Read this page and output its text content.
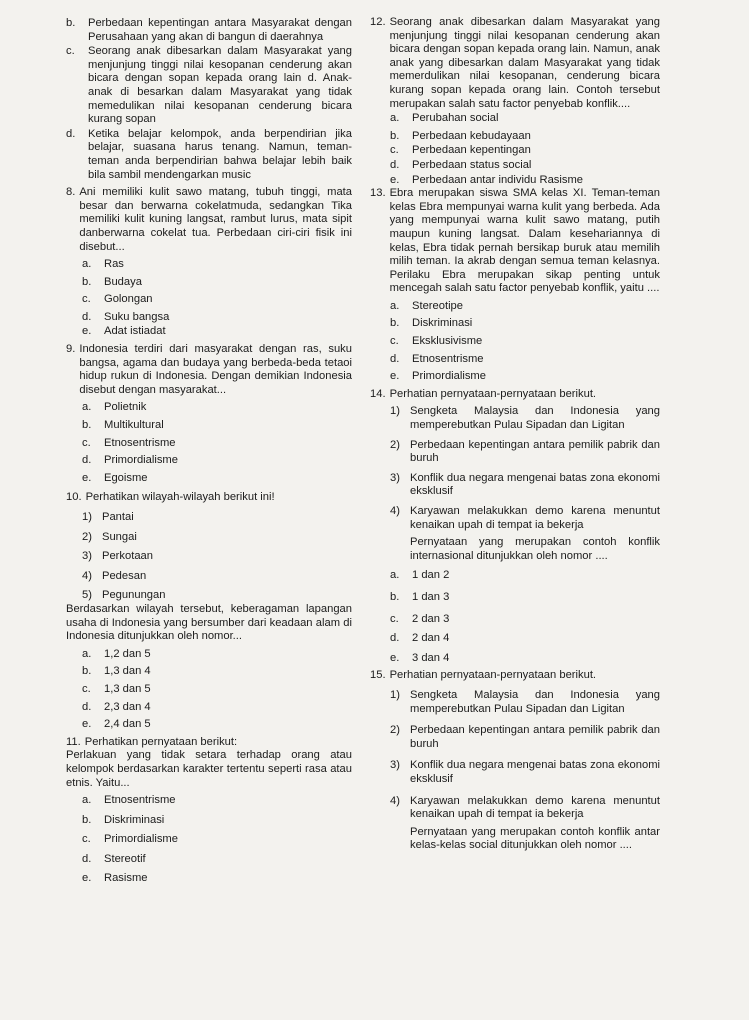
b.	Perbedaan kepentingan antara Masyarakat dengan Perusahaan yang akan di bangun di daerahnya
c.	Seorang anak dibesarkan dalam Masyarakat yang menjunjung tinggi nilai kesopanan cenderung akan bicara dengan sopan kepada orang lain d. Anak-anak di besarkan dalam Masyarakat yang tidak memedulikan nilai kesopanan cenderung bicara kurang sopan
d.	Ketika belajar kelompok, anda berpendirian jika belajar, suasana harus tenang. Namun, teman-teman anda berpendirian bahwa belajar lebih baik bila sambil mendengarkan music
8. Ani memiliki kulit sawo matang, tubuh tinggi, mata besar dan berwarna cokelatmuda, sedangkan Tika memiliki kulit kuning langsat, rambut lurus, mata sipit danberwarna cokelat tua. Perbedaan ciri-ciri fisik ini disebut...
a.	Ras
b.	Budaya
c.	Golongan
d.	Suku bangsa
e.	Adat istiadat
9. Indonesia terdiri dari masyarakat dengan ras, suku bangsa, agama dan budaya yang berbeda-beda tetaoi hidup rukun di Indonesia. Dengan demikian Indonesia disebut dengan masyarakat...
a.	Polietnik
b.	Multikultural
c.	Etnosentrisme
d.	Primordialisme
e.	Egoisme
10. Perhatikan wilayah-wilayah berikut ini!
1) Pantai
2) Sungai
3) Perkotaan
4) Pedesan
5) Pegunungan

Berdasarkan wilayah tersebut, keberagaman lapangan usaha di Indonesia yang bersumber dari keadaan alam di Indonesia ditunjukkan oleh nomor...

a.	1,2 dan 5
b.	1,3 dan 4
c.	1,3 dan 5
d.	2,3 dan 4
e.	2,4 dan 5
11. Perhatikan pernyataan berikut:

Perlakuan yang tidak setara terhadap orang atau kelompok berdasarkan karakter tertentu seperti rasa atau etnis. Yaitu...

a.	Etnosentrisme
b.	Diskriminasi
c.	Primordialisme
d.	Stereotif
e.	Rasisme
12. Seorang anak dibesarkan dalam Masyarakat yang menjunjung tinggi nilai kesopanan cenderung akan bicara dengan sopan kepada orang lain. Namun, anak anak yang dibesarkan dalam Masyarakat yang tidak memerdulikan nilai kesopanan, cenderung bicara kurang sopan kepada orang lain. Contoh tersebut merupakan salah satu factor penyebab konflik....
a.	Perubahan social
b.	Perbedaan kebudayaan
c.	Perbedaan kepentingan
d.	Perbedaan status social
e.	Perbedaan antar individu Rasisme
13. Ebra merupakan siswa SMA kelas XI. Teman-teman kelas Ebra mempunyai warna kulit yang berbeda. Ada yang mempunyai warna kulit sawo matang, putih maupun kuning langsat. Dalam kesehariannya di kelas, Ebra tidak pernah bersikap buruk atau memilih milih teman. Ia akrab dengan semua teman kelasnya. Perilaku Ebra merupakan sikap penting untuk mencegah salah satu factor penyebab konflik, yaitu ....
a.	Stereotipe
b.	Diskriminasi
c.	Eksklusivisme
d.	Etnosentrisme
e.	Primordialisme
14. Perhatian pernyataan-pernyataan berikut.
1) Sengketa Malaysia dan Indonesia yang memperebutkan Pulau Sipadan dan Ligitan
2) Perbedaan kepentingan antara pemilik pabrik dan buruh
3) Konflik dua negara mengenai batas zona ekonomi eksklusif
4) Karyawan melakukkan demo karena menuntut kenaikan upah di tempat ia bekerja

Pernyataan yang merupakan contoh konflik internasional ditunjukkan oleh nomor ....

a.	1 dan 2
b.	1 dan 3
c.	2 dan 3
d.	2 dan 4
e.	3 dan 4
15. Perhatian pernyataan-pernyataan berikut.
1) Sengketa Malaysia dan Indonesia yang memperebutkan Pulau Sipadan dan Ligitan
2) Perbedaan kepentingan antara pemilik pabrik dan buruh
3) Konflik dua negara mengenai batas zona ekonomi eksklusif
4) Karyawan melakukkan demo karena menuntut kenaikan upah di tempat ia bekerja

Pernyataan yang merupakan contoh konflik antar kelas-kelas social ditunjukkan oleh nomor ....
